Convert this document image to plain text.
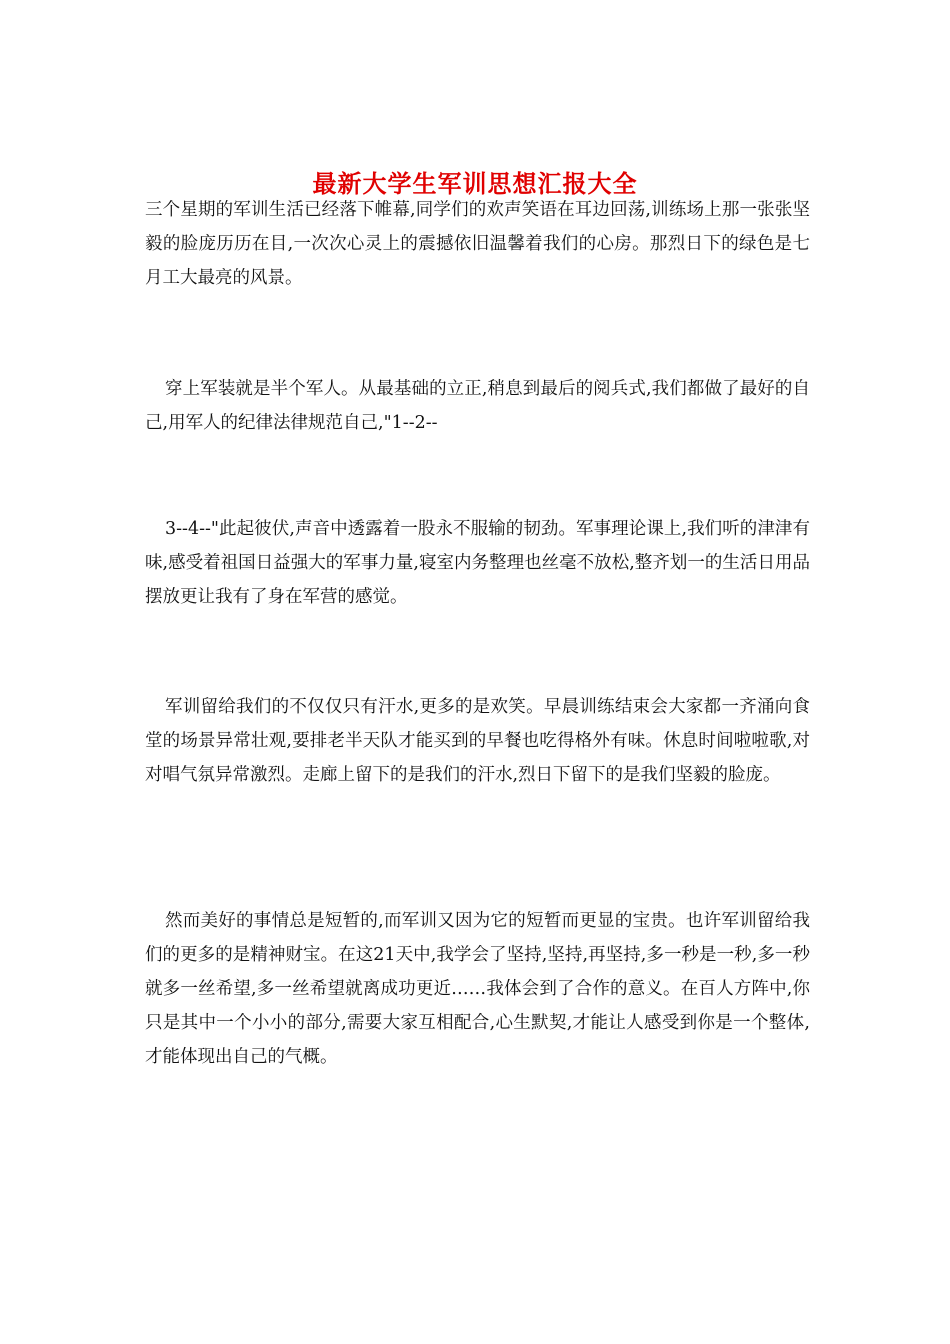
最新大学生军训思想汇报大全

三个星期的军训生活已经落下帷幕,同学们的欢声笑语在耳边回荡,训练场上那一张张坚毅的脸庞历历在目,一次次心灵上的震撼依旧温馨着我们的心房。那烈日下的绿色是七月工大最亮的风景。

穿上军装就是半个军人。从最基础的立正,稍息到最后的阅兵式,我们都做了最好的自己,用军人的纪律法律规范自己,"1--2--

3--4--"此起彼伏,声音中透露着一股永不服输的韧劲。军事理论课上,我们听的津津有味,感受着祖国日益强大的军事力量,寝室内务整理也丝毫不放松,整齐划一的生活日用品摆放更让我有了身在军营的感觉。

军训留给我们的不仅仅只有汗水,更多的是欢笑。早晨训练结束会大家都一齐涌向食堂的场景异常壮观,要排老半天队才能买到的早餐也吃得格外有味。休息时间啦啦歌,对对唱气氛异常激烈。走廊上留下的是我们的汗水,烈日下留下的是我们坚毅的脸庞。

然而美好的事情总是短暂的,而军训又因为它的短暂而更显的宝贵。也许军训留给我们的更多的是精神财宝。在这21天中,我学会了坚持,坚持,再坚持,多一秒是一秒,多一秒就多一丝希望,多一丝希望就离成功更近……我体会到了合作的意义。在百人方阵中,你只是其中一个小小的部分,需要大家互相配合,心生默契,才能让人感受到你是一个整体,才能体现出自己的气概。
